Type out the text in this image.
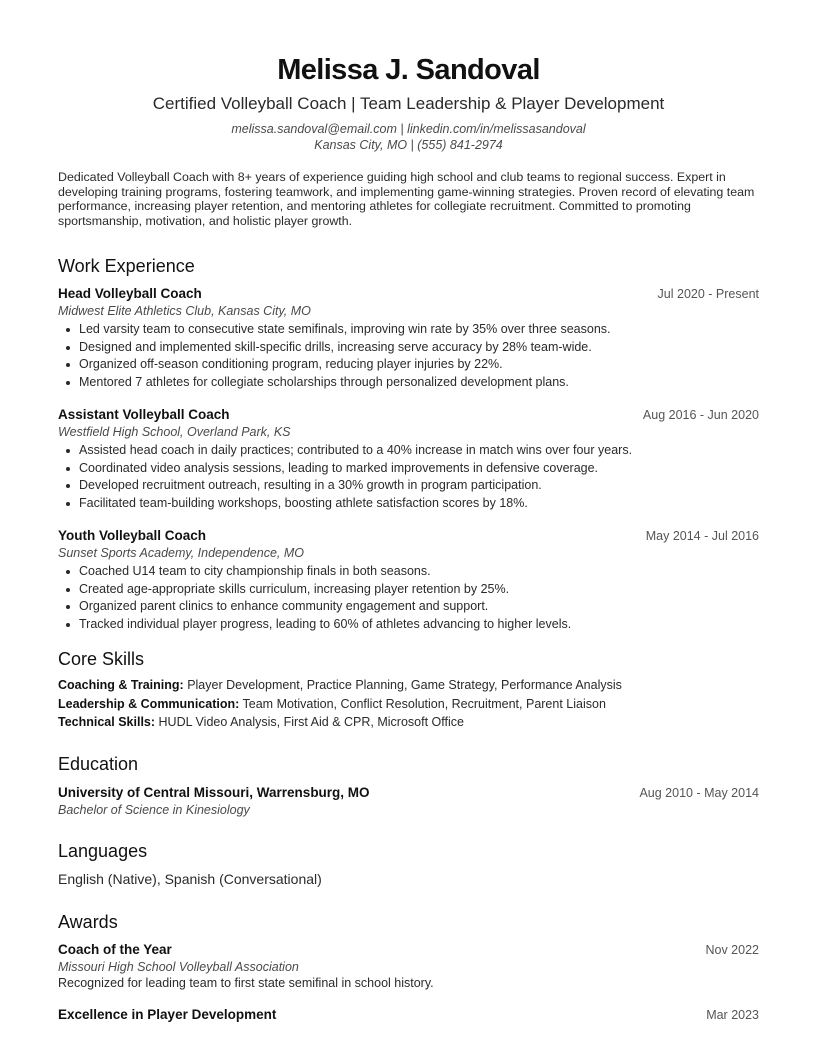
Melissa J. Sandoval
Certified Volleyball Coach | Team Leadership & Player Development
melissa.sandoval@email.com | linkedin.com/in/melissasandoval
Kansas City, MO | (555) 841-2974
Dedicated Volleyball Coach with 8+ years of experience guiding high school and club teams to regional success. Expert in developing training programs, fostering teamwork, and implementing game-winning strategies. Proven record of elevating team performance, increasing player retention, and mentoring athletes for collegiate recruitment. Committed to promoting sportsmanship, motivation, and holistic player growth.
Work Experience
Head Volleyball Coach	Jul 2020 - Present
Midwest Elite Athletics Club, Kansas City, MO
Led varsity team to consecutive state semifinals, improving win rate by 35% over three seasons.
Designed and implemented skill-specific drills, increasing serve accuracy by 28% team-wide.
Organized off-season conditioning program, reducing player injuries by 22%.
Mentored 7 athletes for collegiate scholarships through personalized development plans.
Assistant Volleyball Coach	Aug 2016 - Jun 2020
Westfield High School, Overland Park, KS
Assisted head coach in daily practices; contributed to a 40% increase in match wins over four years.
Coordinated video analysis sessions, leading to marked improvements in defensive coverage.
Developed recruitment outreach, resulting in a 30% growth in program participation.
Facilitated team-building workshops, boosting athlete satisfaction scores by 18%.
Youth Volleyball Coach	May 2014 - Jul 2016
Sunset Sports Academy, Independence, MO
Coached U14 team to city championship finals in both seasons.
Created age-appropriate skills curriculum, increasing player retention by 25%.
Organized parent clinics to enhance community engagement and support.
Tracked individual player progress, leading to 60% of athletes advancing to higher levels.
Core Skills
Coaching & Training: Player Development, Practice Planning, Game Strategy, Performance Analysis
Leadership & Communication: Team Motivation, Conflict Resolution, Recruitment, Parent Liaison
Technical Skills: HUDL Video Analysis, First Aid & CPR, Microsoft Office
Education
University of Central Missouri, Warrensburg, MO	Aug 2010 - May 2014
Bachelor of Science in Kinesiology
Languages
English (Native), Spanish (Conversational)
Awards
Coach of the Year	Nov 2022
Missouri High School Volleyball Association
Recognized for leading team to first state semifinal in school history.
Excellence in Player Development	Mar 2023
